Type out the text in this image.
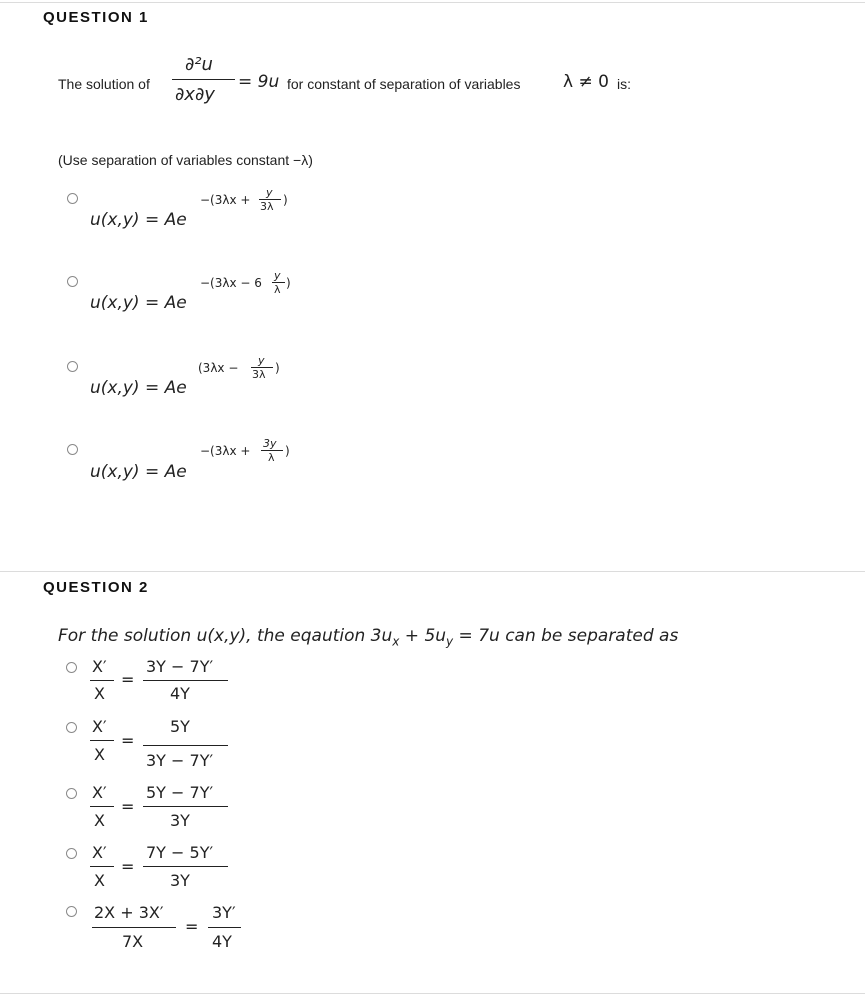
QUESTION 1
The solution of
∂²u
∂x∂y
= 9u for constant of separation of variables	λ ≠ 0 is:
(Use separation of variables constant −λ)
u(x,y) = Ae
−(3λx +
y
3λ )
u(x,y) = Ae
−(3λx − 6
y
λ )
u(x,y) = Ae
(3λx −
y
3λ )
u(x,y) = Ae
−(3λx +
3y
λ )
QUESTION 2
For the solution u(x,y), the eqaution $3u_x + 5u_y = 7u$ can be separated as
X′
X
=
3Y − 7Y′
4Y
X′
X
=
5Y
3Y − 7Y′
X′
X
=
5Y − 7Y′
3Y
X′
X
=
7Y − 5Y′
3Y
2X + 3X′
7X
=
3Y′
4Y
